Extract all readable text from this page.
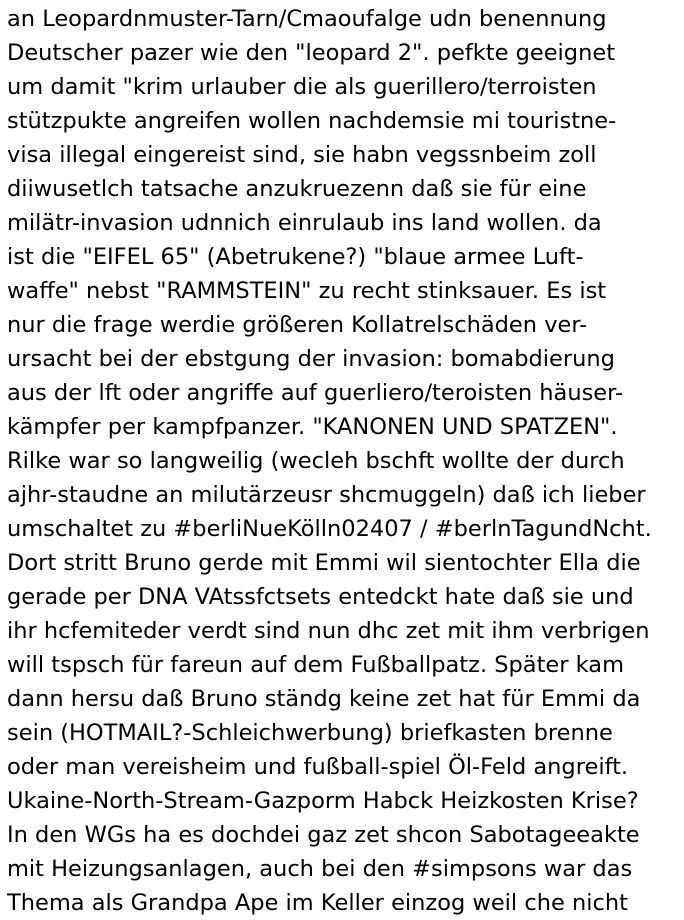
an Leopardnmuster-Tarn/Cmaoufalge udn benennung
Deutscher pazer wie den "leopard 2". pefkte geeignet
um damit "krim urlauber die als guerillero/terroisten
stützpukte angreifen wollen nachdemsie mi touristne-
visa illegal eingereist sind, sie habn vegssnbeim zoll
diiwusetlch tatsache anzukruezenn daß sie für eine
milätr-invasion udnnich einrulaub ins land wollen. da
ist die "EIFEL 65" (Abetrukene?) "blaue armee Luft-
waffe" nebst "RAMMSTEIN" zu recht stinksauer. Es ist
nur die frage werdie größeren Kollatrelschäden ver-
ursacht bei der ebstgung der invasion: bomabdierung
aus der lft oder angriffe auf guerliero/teroisten häuser-
kämpfer per kampfpanzer. "KANONEN UND SPATZEN".
Rilke war so langweilig (wecleh bschft wollte der durch
ajhr-staudne an milutärzeusr shcmuggeln) daß ich lieber
umschaltet zu #berliNueKölln02407 / #berlnTagundNcht.
Dort stritt Bruno gerde mit Emmi wil sientochter Ella die
gerade per DNA VAtssfctsets entedckt hate daß sie und
ihr hcfemiteder verdt sind nun dhc zet mit ihm verbrigen
will tspsch für fareun auf dem Fußballpatz. Später kam
dann hersu daß Bruno ständg keine zet hat für Emmi da
sein (HOTMAIL?-Schleichwerbung) briefkasten brenne
oder man vereisheim und fußball-spiel Öl-Feld angreift.
Ukaine-North-Stream-Gazporm Habck Heizkosten Krise?
In den WGs ha es dochdei gaz zet shcon Sabotageeakte
mit Heizungsanlagen, auch bei den #simpsons war das
Thema als Grandpa Ape im Keller einzog weil che nicht
